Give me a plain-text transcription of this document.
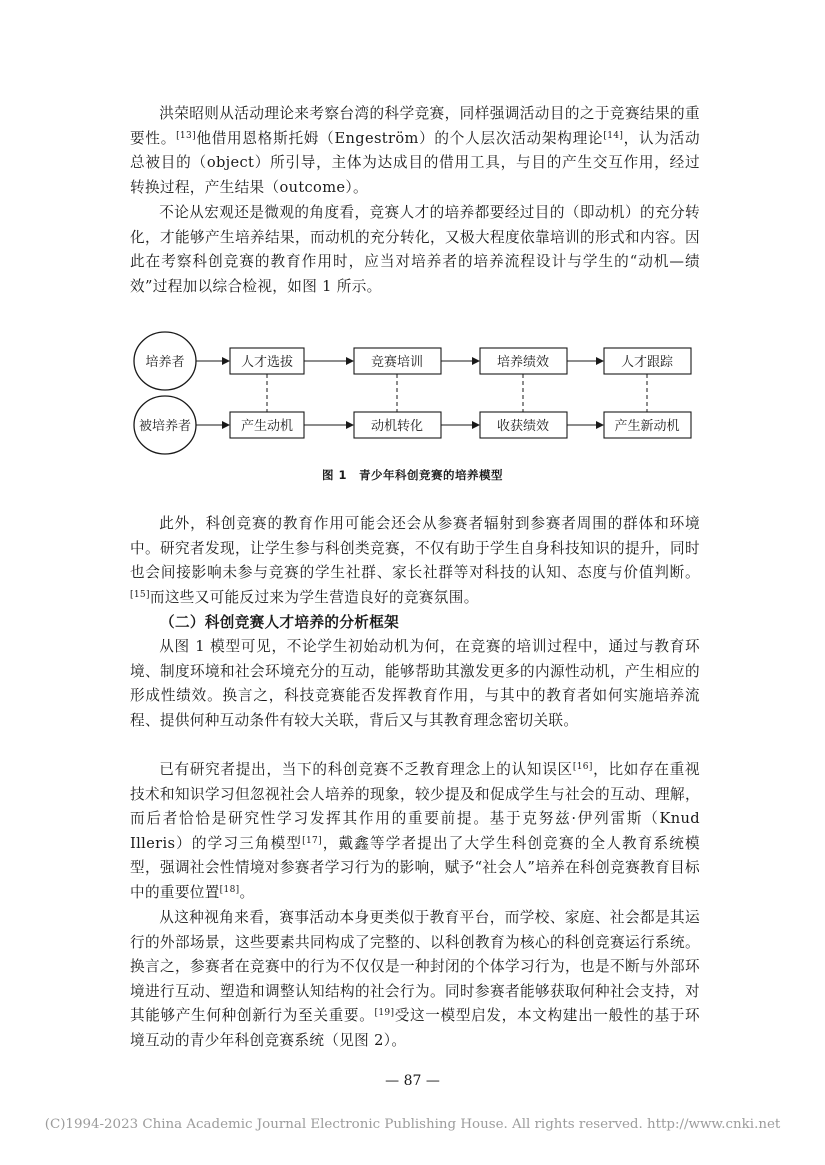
洪荣昭则从活动理论来考察台湾的科学竞赛，同样强调活动目的之于竞赛结果的重要性。[13]他借用恩格斯托姆（Engeström）的个人层次活动架构理论[14]，认为活动总被目的（object）所引导，主体为达成目的借用工具，与目的产生交互作用，经过转换过程，产生结果（outcome）。

不论从宏观还是微观的角度看，竞赛人才的培养都要经过目的（即动机）的充分转化，才能够产生培养结果，而动机的充分转化，又极大程度依靠培训的形式和内容。因此在考察科创竞赛的教育作用时，应当对培养者的培养流程设计与学生的“动机—绩效”过程加以综合检视，如图 1 所示。

培养者
被培养者
人才选拔	竞赛培训	培养绩效	人才跟踪
产生动机	动机转化	收获绩效	产生新动机
图 1　青少年科创竞赛的培养模型

此外，科创竞赛的教育作用可能会还会从参赛者辐射到参赛者周围的群体和环境中。研究者发现，让学生参与科创类竞赛，不仅有助于学生自身科技知识的提升，同时也会间接影响未参与竞赛的学生社群、家长社群等对科技的认知、态度与价值判断。[15]而这些又可能反过来为学生营造良好的竞赛氛围。

（二）科创竞赛人才培养的分析框架

从图 1 模型可见，不论学生初始动机为何，在竞赛的培训过程中，通过与教育环境、制度环境和社会环境充分的互动，能够帮助其激发更多的内源性动机，产生相应的形成性绩效。换言之，科技竞赛能否发挥教育作用，与其中的教育者如何实施培养流程、提供何种互动条件有较大关联，背后又与其教育理念密切关联。

已有研究者提出，当下的科创竞赛不乏教育理念上的认知误区[16]，比如存在重视技术和知识学习但忽视社会人培养的现象，较少提及和促成学生与社会的互动、理解，而后者恰恰是研究性学习发挥其作用的重要前提。基于克努兹·伊列雷斯（Knud Illeris）的学习三角模型[17]，戴鑫等学者提出了大学生科创竞赛的全人教育系统模型，强调社会性情境对参赛者学习行为的影响，赋予“社会人”培养在科创竞赛教育目标中的重要位置[18]。

从这种视角来看，赛事活动本身更类似于教育平台，而学校、家庭、社会都是其运行的外部场景，这些要素共同构成了完整的、以科创教育为核心的科创竞赛运行系统。换言之，参赛者在竞赛中的行为不仅仅是一种封闭的个体学习行为，也是不断与外部环境进行互动、塑造和调整认知结构的社会行为。同时参赛者能够获取何种社会支持，对其能够产生何种创新行为至关重要。[19]受这一模型启发，本文构建出一般性的基于环境互动的青少年科创竞赛系统（见图 2）。

— 87 —
(C)1994-2023 China Academic Journal Electronic Publishing House. All rights reserved. http://www.cnki.net
